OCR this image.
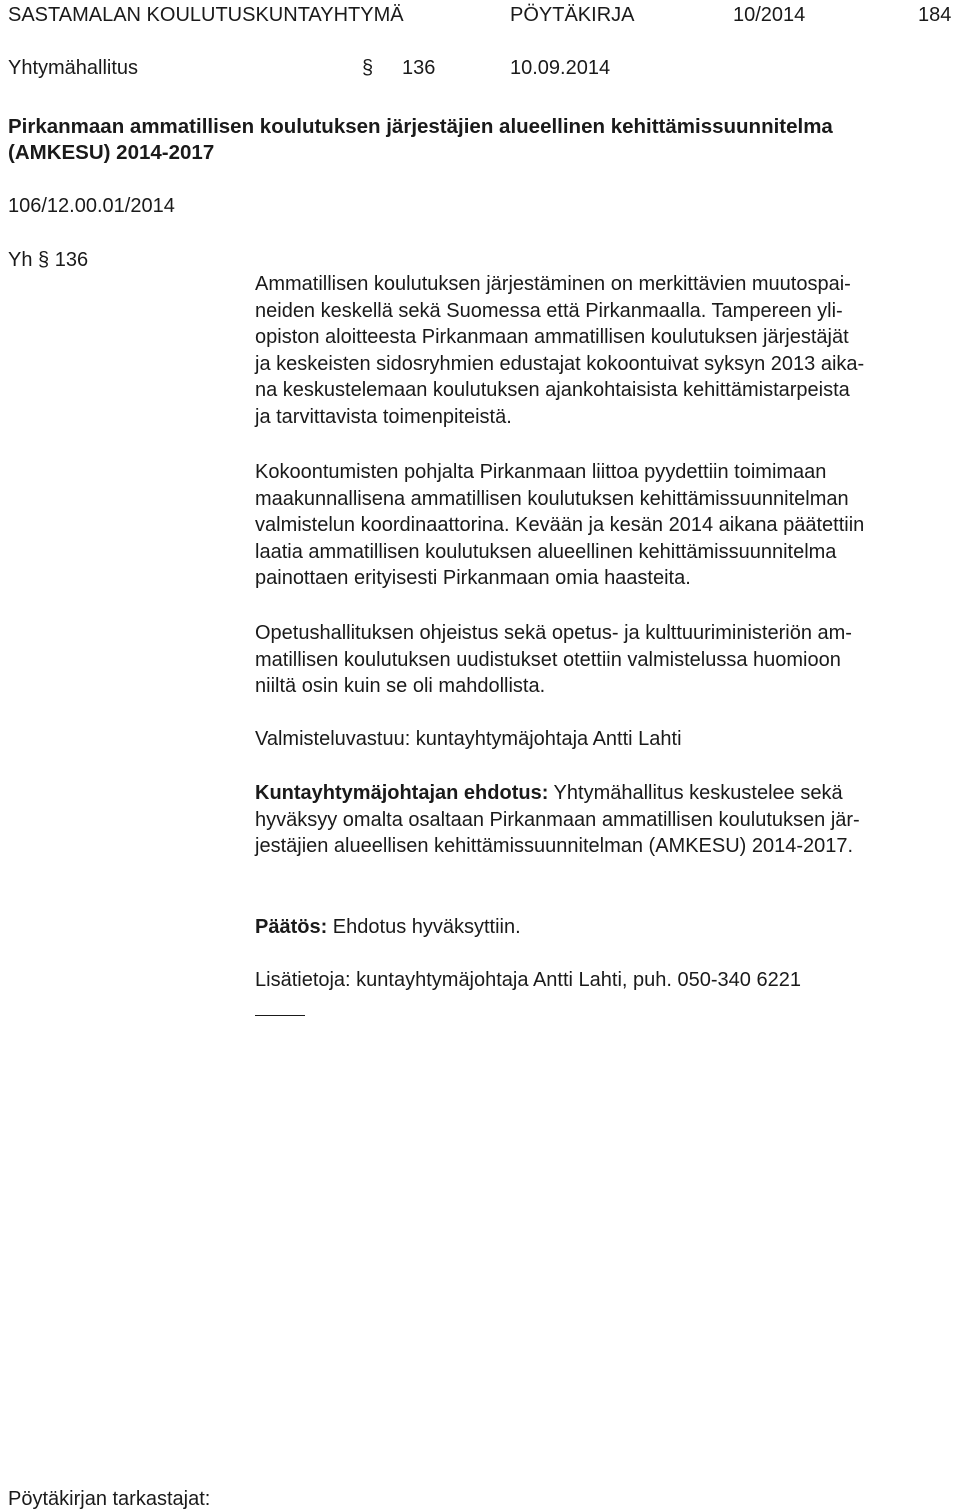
SASTAMALAN KOULUTUSKUNTAYHTYMÄ	PÖYTÄKIRJA	10/2014	184
Yhtymähallitus	§ 136	10.09.2014
Pirkanmaan ammatillisen koulutuksen järjestäjien alueellinen kehittämissuunnitelma
(AMKESU) 2014-2017
106/12.00.01/2014
Yh § 136
Ammatillisen koulutuksen järjestäminen on merkittävien muutospai-
neiden keskellä sekä Suomessa että Pirkanmaalla. Tampereen yli-
opiston aloitteesta Pirkanmaan ammatillisen koulutuksen järjestäjät
ja keskeisten sidosryhmien edustajat kokoontuivat syksyn 2013 aika-
na keskustelemaan koulutuksen ajankohtaisista kehittämistarpeista
ja tarvittavista toimenpiteistä.
Kokoontumisten pohjalta Pirkanmaan liittoa pyydettiin toimimaan
maakunnallisena ammatillisen koulutuksen kehittämissuunnitelman
valmistelun koordinaattorina. Kevään ja kesän 2014 aikana päätettiin
laatia ammatillisen koulutuksen alueellinen kehittämissuunnitelma
painottaen erityisesti Pirkanmaan omia haasteita.
Opetushallituksen ohjeistus sekä opetus- ja kulttuuriministeriön am-
matillisen koulutuksen uudistukset otettiin valmistelussa huomioon
niiltä osin kuin se oli mahdollista.
Valmisteluvastuu: kuntayhtymäjohtaja Antti Lahti
Kuntayhtymäjohtajan ehdotus: Yhtymähallitus keskustelee sekä
hyväksyy omalta osaltaan Pirkanmaan ammatillisen koulutuksen jär-
jestäjien alueellisen kehittämissuunnitelman (AMKESU) 2014-2017.
Päätös: Ehdotus hyväksyttiin.
Lisätietoja: kuntayhtymäjohtaja Antti Lahti, puh. 050-340 6221
Pöytäkirjan tarkastajat:
